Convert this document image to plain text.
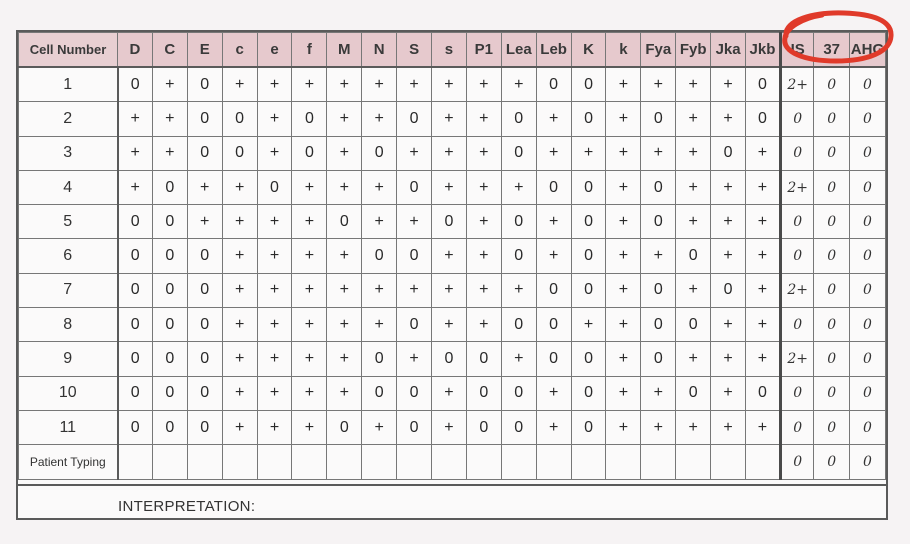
Cell Number	D	C	E	c	e	f	M	N	S	s	P1	Lea	Leb	K	k	Fya	Fyb	Jka	Jkb	IS	37	AHG
1	0	+	0	+	+	+	+	+	+	+	+	+	0	0	+	+	+	+	0	2+	0	0
2	+	+	0	0	+	0	+	+	0	+	+	0	+	0	+	0	+	+	0	0	0	0
3	+	+	0	0	+	0	+	0	+	+	+	0	+	+	+	+	+	0	+	0	0	0
4	+	0	+	+	0	+	+	+	0	+	+	+	0	0	+	0	+	+	+	2+	0	0
5	0	0	+	+	+	+	0	+	+	0	+	0	+	0	+	0	+	+	+	0	0	0
6	0	0	0	+	+	+	+	0	0	+	+	0	+	0	+	+	0	+	+	0	0	0
7	0	0	0	+	+	+	+	+	+	+	+	+	0	0	+	0	+	0	+	2+	0	0
8	0	0	0	+	+	+	+	+	0	+	+	0	0	+	+	0	0	+	+	0	0	0
9	0	0	0	+	+	+	+	0	+	0	0	+	0	0	+	0	+	+	+	2+	0	0
10	0	0	0	+	+	+	+	0	0	+	0	0	+	0	+	+	0	+	0	0	0	0
11	0	0	0	+	+	+	0	+	0	+	0	0	+	0	+	+	+	+	+	0	0	0
Patient Typing																				0	0	0
INTERPRETATION:
